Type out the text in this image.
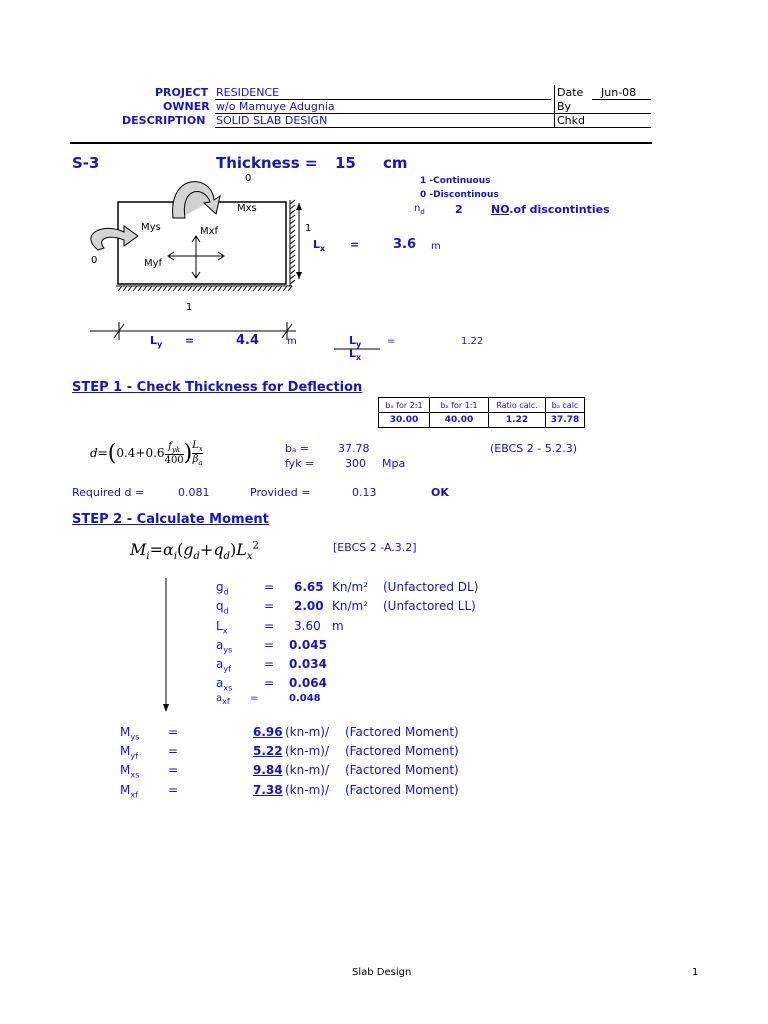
PROJECT RESIDENCE
OWNER w/o Mamuye Adugnia
DESCRIPTION SOLID SLAB DESIGN
Date Jun-08
By
Chkd
S-3	Thickness = 15 cm
0
0
1
1
Mxs
Mys	Mxf
Myf
1 -Continuous
0 -Discontinous
$n_d$	2	NO.of discontinties
$L_x$ =	3.6 m
$L_y$ =	4.4	m	$L_y$
$L_x$
=	1.22
STEP 1 - Check Thickness for Deflection
bₐ for 2:1	bₐ for 1:1	Ratio calc.	bₐ calc
30.00	40.00	1.22	37.78
d=(0.4+0.6 $f_{yk}$
400 ) $\frac{L_x}{\beta_a}$	bₐ =	37.78	(EBCS 2 - 5.2.3)
fyk =	300 Mpa
Required d =	0.081	Provided =	0.13	OK
STEP 2 - Calculate Moment
$M_i=\alpha_i(g_d+q_d)L_x^2$	[EBCS 2 -A.3.2]
$g_d$	= 6.65 Kn/m² (Unfactored DL)
$q_d$	= 2.00 Kn/m² (Unfactored LL)
$L_x$	= 3.60 m
$a_{ys}$	= 0.045
$a_{yf}$	= 0.034
$a_{xs}$	= 0.064
$a_{xf}$ =	0.048
$M_{ys}$ =	6.96 (kn-m)/ (Factored Moment)
$M_{yf}$	=	5.22 (kn-m)/ (Factored Moment)
$M_{xs}$ =	9.84 (kn-m)/ (Factored Moment)
$M_{xf}$	=	7.38 (kn-m)/ (Factored Moment)
Slab Design	1
